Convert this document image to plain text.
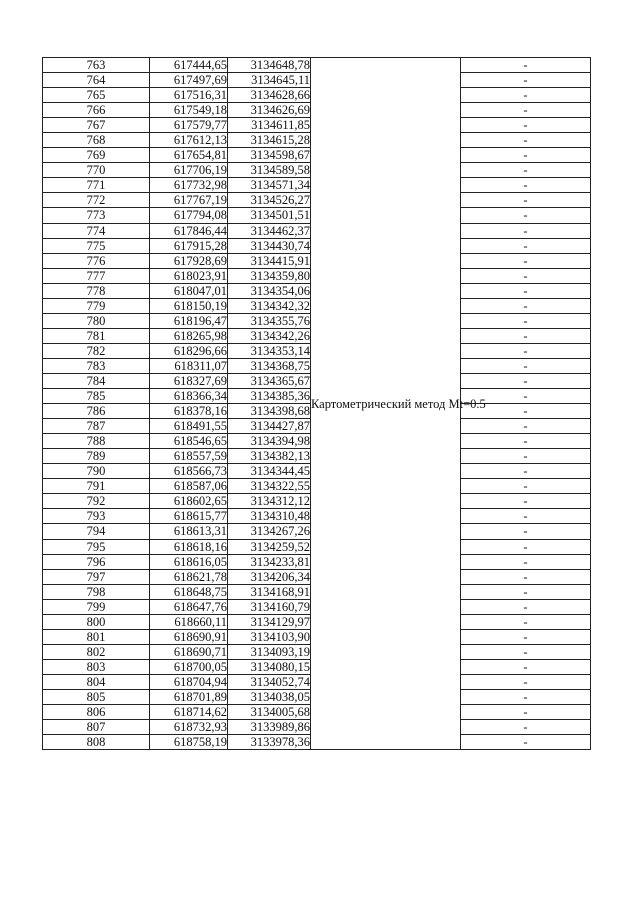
763	617444,65	3134648,78	Картометрический метод Mt=0.5	-
764	617497,69	3134645,11		-
765	617516,31	3134628,66		-
766	617549,18	3134626,69		-
767	617579,77	3134611,85		-
768	617612,13	3134615,28		-
769	617654,81	3134598,67		-
770	617706,19	3134589,58		-
771	617732,98	3134571,34		-
772	617767,19	3134526,27		-
773	617794,08	3134501,51		-
774	617846,44	3134462,37		-
775	617915,28	3134430,74		-
776	617928,69	3134415,91		-
777	618023,91	3134359,80		-
778	618047,01	3134354,06		-
779	618150,19	3134342,32		-
780	618196,47	3134355,76		-
781	618265,98	3134342,26		-
782	618296,66	3134353,14		-
783	618311,07	3134368,75		-
784	618327,69	3134365,67		-
785	618366,34	3134385,36		-
786	618378,16	3134398,68		-
787	618491,55	3134427,87		-
788	618546,65	3134394,98		-
789	618557,59	3134382,13		-
790	618566,73	3134344,45		-
791	618587,06	3134322,55		-
792	618602,65	3134312,12		-
793	618615,77	3134310,48		-
794	618613,31	3134267,26		-
795	618618,16	3134259,52		-
796	618616,05	3134233,81		-
797	618621,78	3134206,34		-
798	618648,75	3134168,91		-
799	618647,76	3134160,79		-
800	618660,11	3134129,97		-
801	618690,91	3134103,90		-
802	618690,71	3134093,19		-
803	618700,05	3134080,15		-
804	618704,94	3134052,74		-
805	618701,89	3134038,05		-
806	618714,62	3134005,68		-
807	618732,93	3133989,86		-
808	618758,19	3133978,36		-
